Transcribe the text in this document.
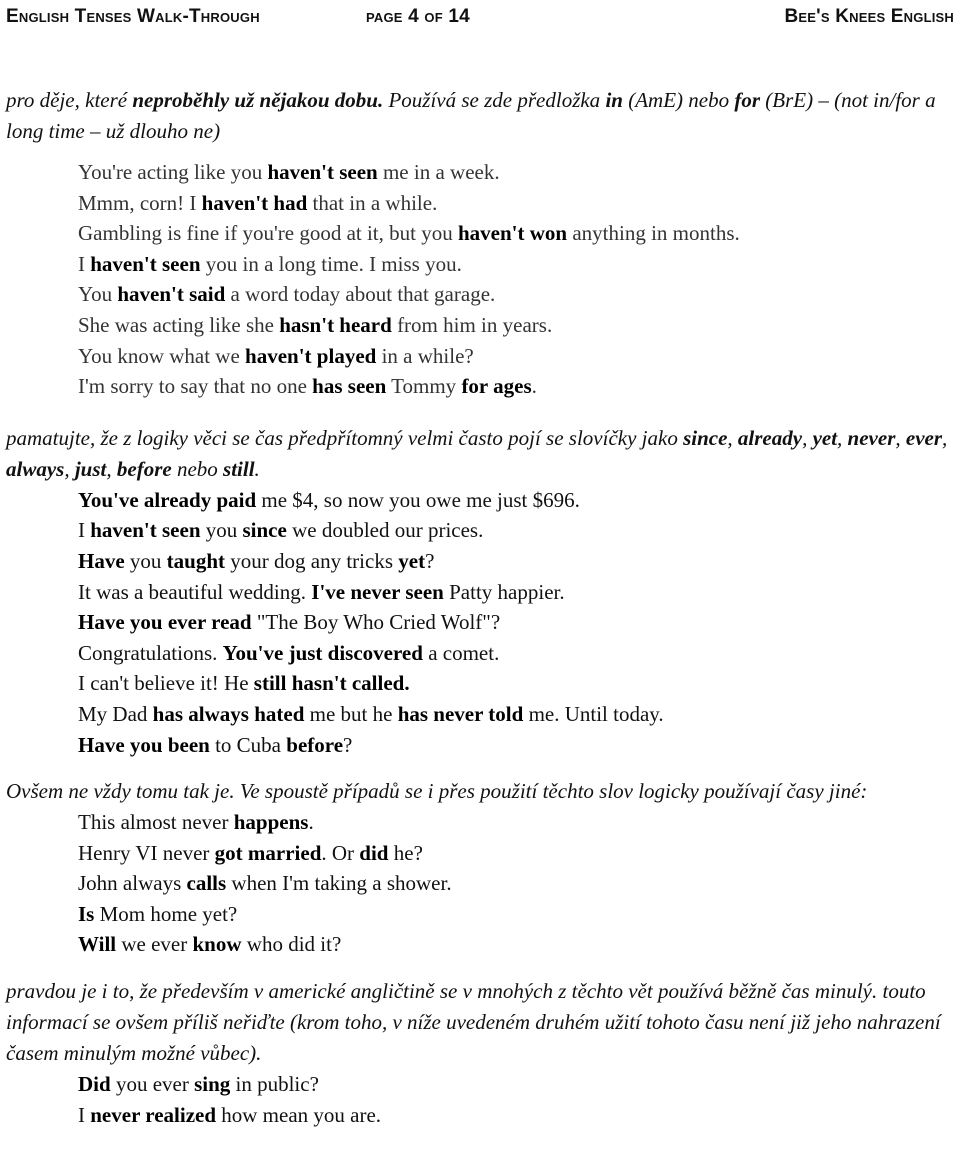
English Tenses Walk-Through	page 4 of 14	Bee's Knees English

pro děje, které neproběhly už nějakou dobu. Používá se zde předložka in (AmE) nebo for (BrE) – (not in/for a long time – už dlouho ne)

You're acting like you haven't seen me in a week.
Mmm, corn! I haven't had that in a while.
Gambling is fine if you're good at it, but you haven't won anything in months.
I haven't seen you in a long time. I miss you.
You haven't said a word today about that garage.
She was acting like she hasn't heard from him in years.
You know what we haven't played in a while?
I'm sorry to say that no one has seen Tommy for ages.

pamatujte, že z logiky věci se čas předpřítomný velmi často pojí se slovíčky jako since, already, yet, never, ever, always, just, before nebo still.

You've already paid me $4, so now you owe me just $696.
I haven't seen you since we doubled our prices.
Have you taught your dog any tricks yet?
It was a beautiful wedding. I've never seen Patty happier.
Have you ever read "The Boy Who Cried Wolf"?
Congratulations. You've just discovered a comet.
I can't believe it! He still hasn't called.
My Dad has always hated me but he has never told me. Until today.
Have you been to Cuba before?

Ovšem ne vždy tomu tak je. Ve spoustě případů se i přes použití těchto slov logicky používají časy jiné:

This almost never happens.
Henry VI never got married. Or did he?
John always calls when I'm taking a shower.
Is Mom home yet?
Will we ever know who did it?

pravdou je i to, že především v americké angličtině se v mnohých z těchto vět používá běžně čas minulý. touto informací se ovšem příliš neřiďte (krom toho, v níže uvedeném druhém užití tohoto času není již jeho nahrazení časem minulým možné vůbec).

Did you ever sing in public?
I never realized how mean you are.
